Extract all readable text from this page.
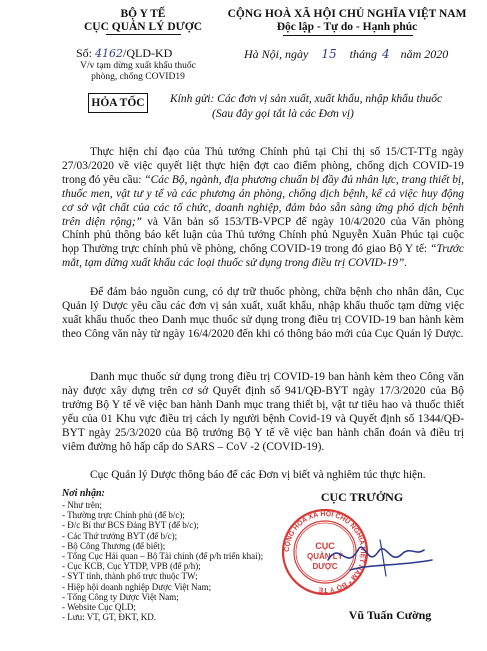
BỘ Y TẾ
CỤC QUẢN LÝ DƯỢC
Số: 4162/QLD-KD
V/v tạm dừng xuất khẩu thuốc
phòng, chống COVID19
CỘNG HOÀ XÃ HỘI CHỦ NGHĨA VIỆT NAM
Độc lập - Tự do - Hạnh phúc
Hà Nội, ngày 15 tháng 4 năm 2020
HỎA TỐC Kính gửi: Các đơn vị sản xuất, xuất khẩu, nhập khẩu thuốc
(Sau đây gọi tắt là các Đơn vị)
Thực hiện chỉ đạo của Thủ tướng Chính phủ tại Chỉ thị số 15/CT-TTg ngày 27/03/2020 về việc quyết liệt thực hiện đợt cao điểm phòng, chống dịch COVID-19 trong đó yêu cầu: “Các Bộ, ngành, địa phương chuẩn bị đầy đủ nhân lực, trang thiết bị, thuốc men, vật tư y tế và các phương án phòng, chống dịch bệnh, kể cả việc huy động cơ sở vật chất của các tổ chức, doanh nghiệp, đảm bảo sẵn sàng ứng phó dịch bệnh trên diện rộng;” và Văn bản số 153/TB-VPCP để ngày 10/4/2020 của Văn phòng Chính phủ thông báo kết luận của Thủ tướng Chính phủ Nguyễn Xuân Phúc tại cuộc họp Thường trực chính phủ về phòng, chống COVID-19 trong đó giao Bộ Y tế: “Trước mắt, tạm dừng xuất khẩu các loại thuốc sử dụng trong điều trị COVID-19”.
Để đảm bảo nguồn cung, có dự trữ thuốc phòng, chữa bệnh cho nhân dân, Cục Quản lý Dược yêu cầu các đơn vị sản xuất, xuất khẩu, nhập khẩu thuốc tạm dừng việc xuất khẩu thuốc theo Danh mục thuốc sử dụng trong điều trị COVID-19 ban hành kèm theo Công văn này từ ngày 16/4/2020 đến khi có thông báo mới của Cục Quản lý Dược.
Danh mục thuốc sử dụng trong điều trị COVID-19 ban hành kèm theo Công văn này được xây dựng trên cơ sở Quyết định số 941/QĐ-BYT ngày 17/3/2020 của Bộ trưởng Bộ Y tế về việc ban hành Danh mục trang thiết bị, vật tư tiêu hao và thuốc thiết yếu của 01 Khu vực điều trị cách ly người bệnh Covid-19 và Quyết định số 1344/QĐ-BYT ngày 25/3/2020 của Bộ trưởng Bộ Y tế về việc ban hành chẩn đoán và điều trị viêm đường hô hấp cấp do SARS – CoV -2 (COVID-19).
Cục Quản lý Dược thông báo để các Đơn vị biết và nghiêm túc thực hiện.
Nơi nhận:
- Như trên;
- Thường trực Chính phủ (để b/c);
- Đ/c Bí thư BCS Đảng BYT (để b/c);
- Các Thứ trưởng BYT (để b/c);
- Bộ Công Thương (để biết);
- Tổng Cục Hải quan – Bộ Tài chính (để p/h triển khai);
- Cục KCB, Cục YTDP, VPB (để p/h);
- SYT tỉnh, thành phố trực thuộc TW;
- Hiệp hội doanh nghiệp Dược Việt Nam;
- Tổng Công ty Dược Việt Nam;
- Website Cục QLD;
- Lưu: VT, GT, ĐKT, KD.
CỤC TRƯỞNG
CỘNG HÒA XÃ HỘI CHỦ NGHĨA VIỆT NAM * BỘ Y TẾ
CỤC
QUẢN LÝ
DƯỢC
Vũ Tuấn Cường
